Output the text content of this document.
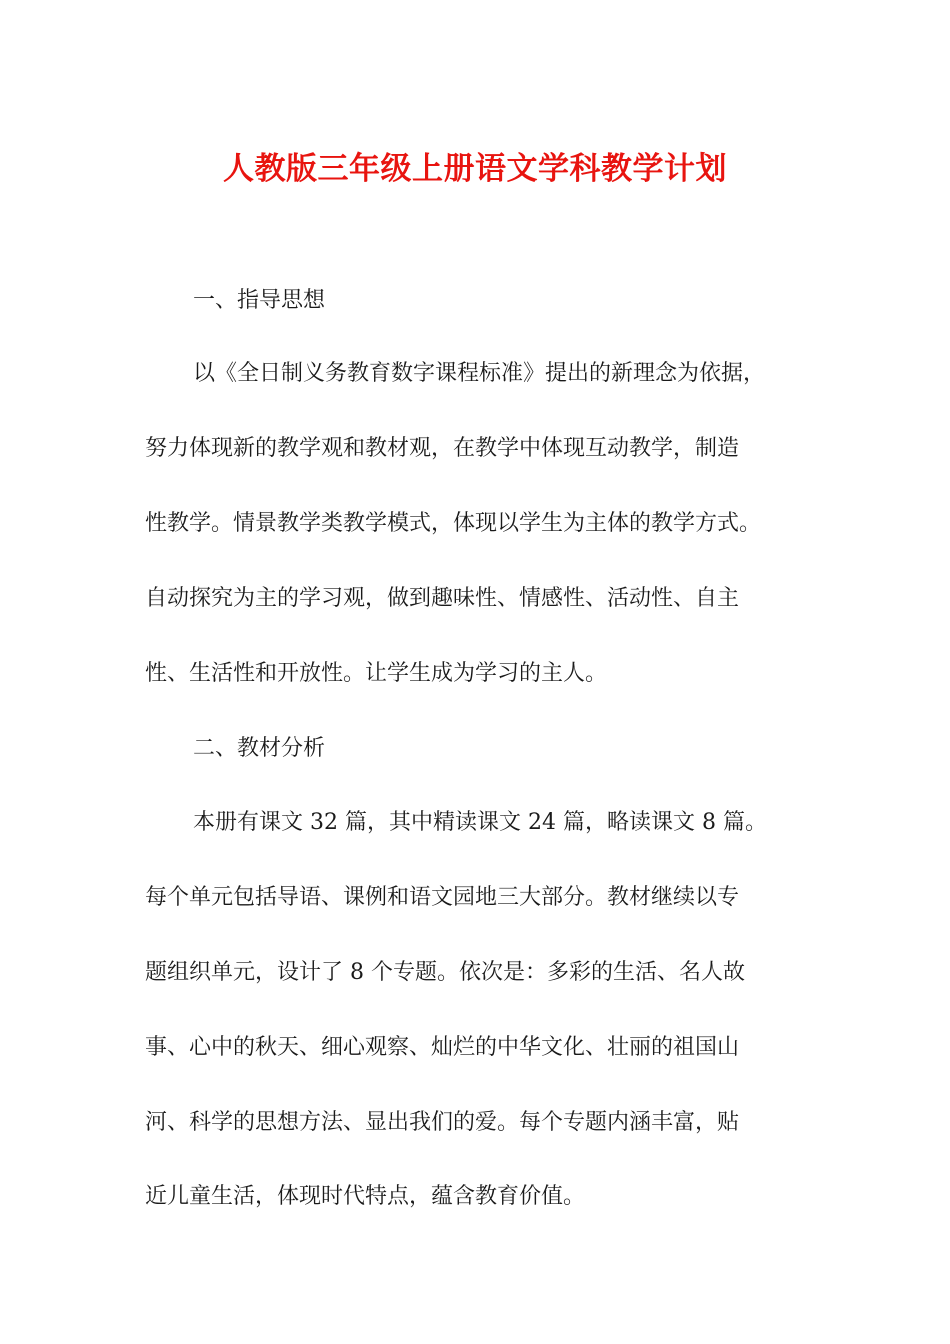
人教版三年级上册语文学科教学计划
一、指导思想
以《全日制义务教育数字课程标准》提出的新理念为依据，
努力体现新的教学观和教材观，在教学中体现互动教学，制造
性教学。情景教学类教学模式，体现以学生为主体的教学方式。
自动探究为主的学习观，做到趣味性、情感性、活动性、自主
性、生活性和开放性。让学生成为学习的主人。
二、教材分析
本册有课文 32 篇，其中精读课文 24 篇，略读课文 8 篇。
每个单元包括导语、课例和语文园地三大部分。教材继续以专
题组织单元，设计了 8 个专题。依次是：多彩的生活、名人故
事、心中的秋天、细心观察、灿烂的中华文化、壮丽的祖国山
河、科学的思想方法、显出我们的爱。每个专题内涵丰富，贴
近儿童生活，体现时代特点，蕴含教育价值。
